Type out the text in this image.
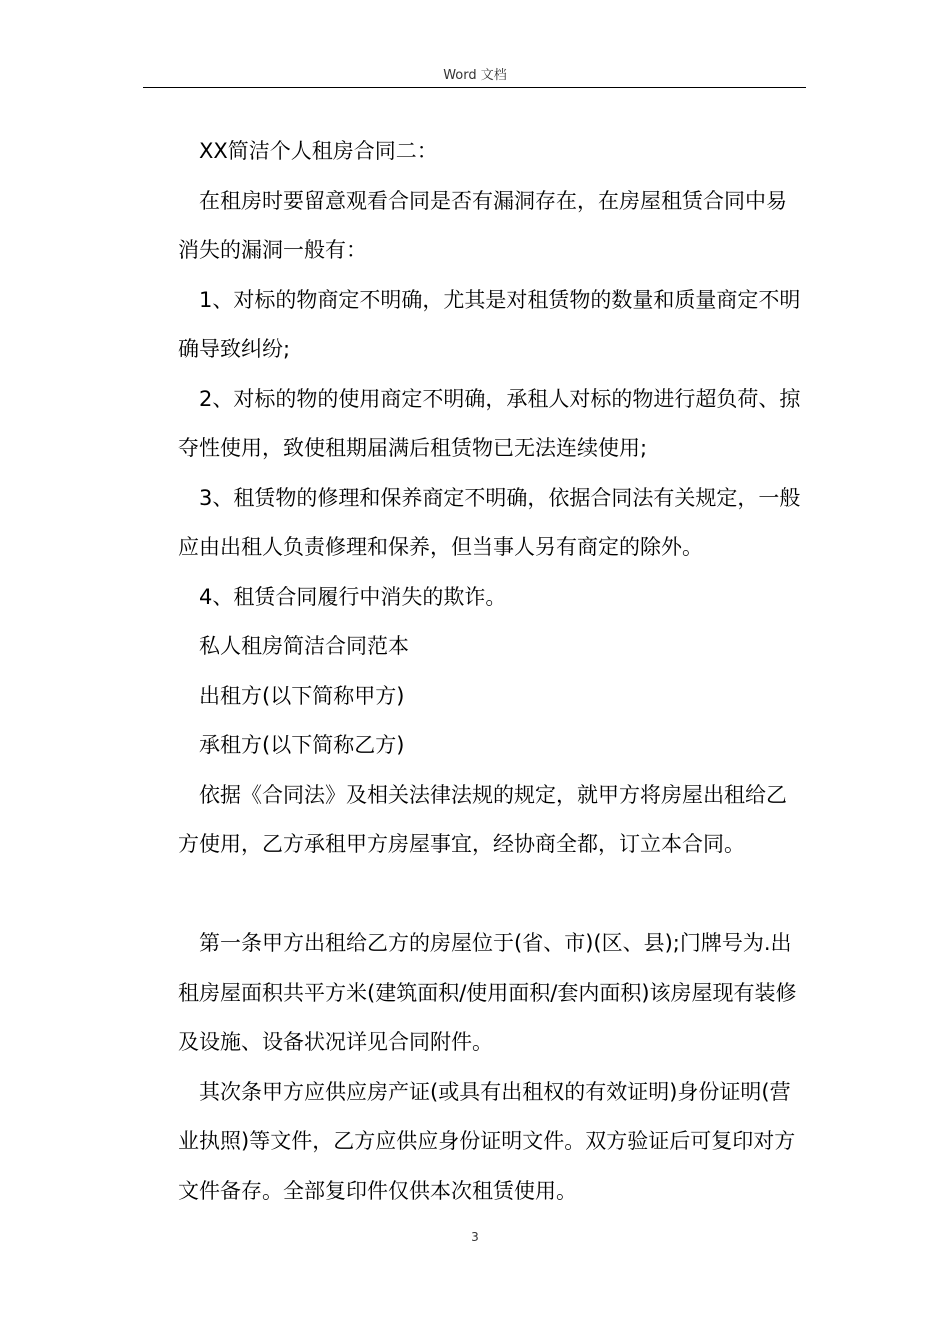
Word 文档

XX简洁个人租房合同二：

在租房时要留意观看合同是否有漏洞存在，在房屋租赁合同中易消失的漏洞一般有：

1、对标的物商定不明确，尤其是对租赁物的数量和质量商定不明确导致纠纷;

2、对标的物的使用商定不明确，承租人对标的物进行超负荷、掠夺性使用，致使租期届满后租赁物已无法连续使用;

3、租赁物的修理和保养商定不明确，依据合同法有关规定，一般应由出租人负责修理和保养，但当事人另有商定的除外。

4、租赁合同履行中消失的欺诈。

私人租房简洁合同范本

出租方(以下简称甲方)

承租方(以下简称乙方)

依据《合同法》及相关法律法规的规定，就甲方将房屋出租给乙方使用，乙方承租甲方房屋事宜，经协商全都，订立本合同。

第一条甲方出租给乙方的房屋位于(省、市)(区、县);门牌号为.出租房屋面积共平方米(建筑面积/使用面积/套内面积)该房屋现有装修及设施、设备状况详见合同附件。

其次条甲方应供应房产证(或具有出租权的有效证明)身份证明(营业执照)等文件，乙方应供应身份证明文件。双方验证后可复印对方文件备存。全部复印件仅供本次租赁使用。

3
